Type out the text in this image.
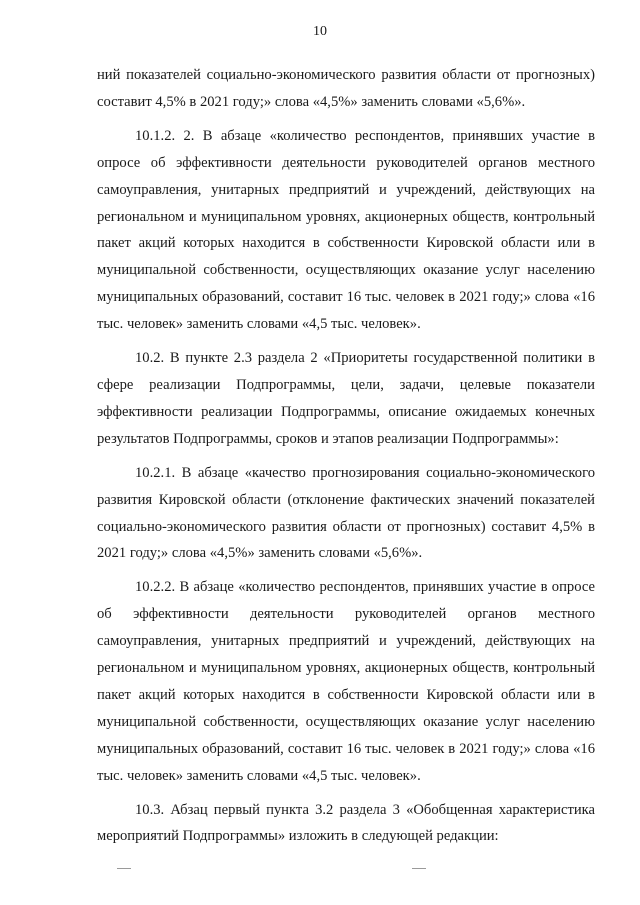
10

ний показателей социально-экономического развития области от прогнозных) составит 4,5% в 2021 году;» слова «4,5%» заменить словами «5,6%».

10.1.2. 2. В абзаце «количество респондентов, принявших участие в опросе об эффективности деятельности руководителей органов местного самоуправления, унитарных предприятий и учреждений, действующих на региональном и муниципальном уровнях, акционерных обществ, контрольный пакет акций которых находится в собственности Кировской области или в муниципальной собственности, осуществляющих оказание услуг населению муниципальных образований, составит 16 тыс. человек в 2021 году;» слова «16 тыс. человек» заменить словами «4,5 тыс. человек».

10.2. В пункте 2.3 раздела 2 «Приоритеты государственной политики в сфере реализации Подпрограммы, цели, задачи, целевые показатели эффективности реализации Подпрограммы, описание ожидаемых конечных результатов Подпрограммы, сроков и этапов реализации Подпрограммы»:

10.2.1. В абзаце «качество прогнозирования социально-экономического развития Кировской области (отклонение фактических значений показателей социально-экономического развития области от прогнозных) составит 4,5% в 2021 году;» слова «4,5%» заменить словами «5,6%».

10.2.2. В абзаце «количество респондентов, принявших участие в опросе об эффективности деятельности руководителей органов местного самоуправления, унитарных предприятий и учреждений, действующих на региональном и муниципальном уровнях, акционерных обществ, контрольный пакет акций которых находится в собственности Кировской области или в муниципальной собственности, осуществляющих оказание услуг населению муниципальных образований, составит 16 тыс. человек в 2021 году;» слова «16 тыс. человек» заменить словами «4,5 тыс. человек».

10.3. Абзац первый пункта 3.2 раздела 3 «Обобщенная характеристика мероприятий Подпрограммы» изложить в следующей редакции:
